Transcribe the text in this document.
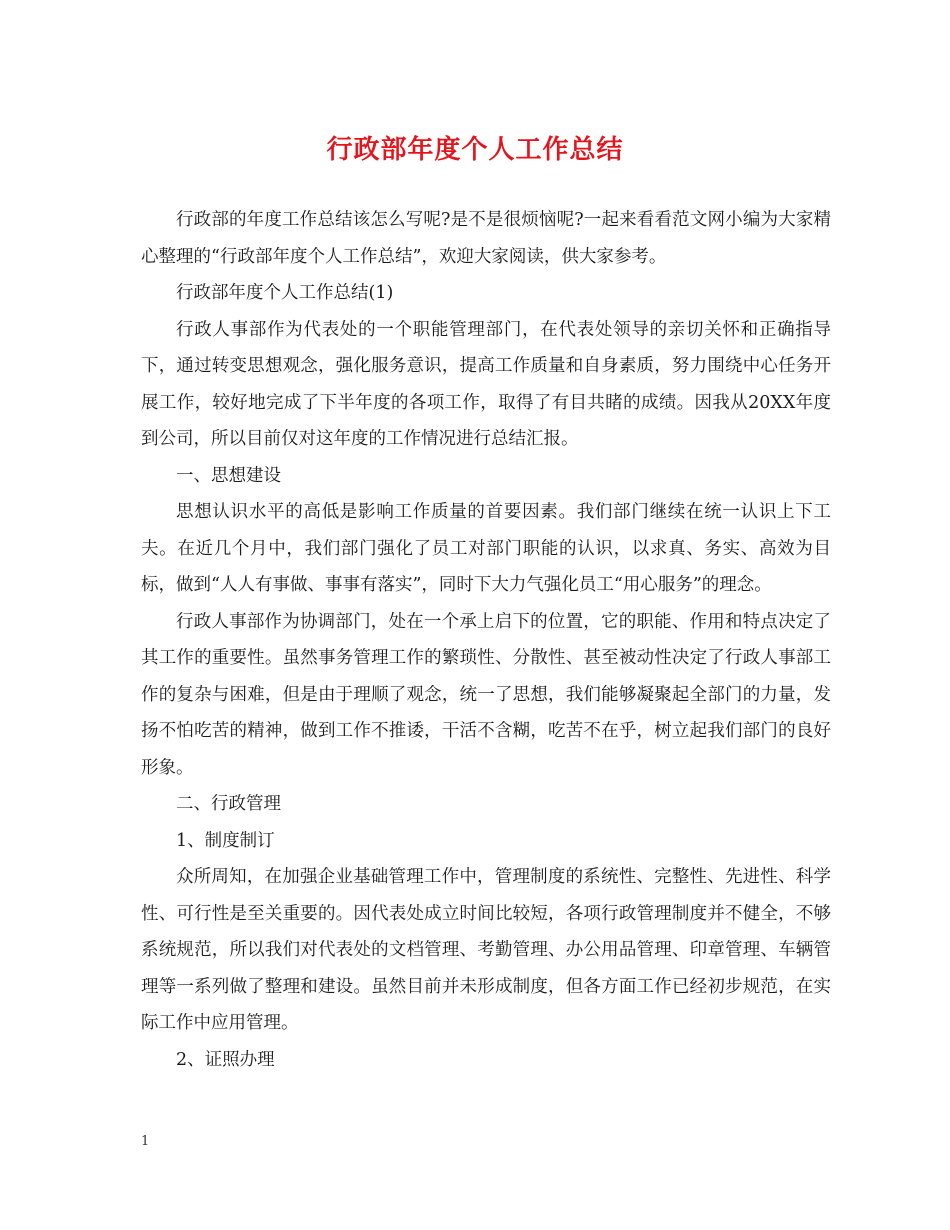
行政部年度个人工作总结

行政部的年度工作总结该怎么写呢?是不是很烦恼呢?一起来看看范文网小编为大家精心整理的“行政部年度个人工作总结”，欢迎大家阅读，供大家参考。

行政部年度个人工作总结(1)

行政人事部作为代表处的一个职能管理部门，在代表处领导的亲切关怀和正确指导下，通过转变思想观念，强化服务意识，提高工作质量和自身素质，努力围绕中心任务开展工作，较好地完成了下半年度的各项工作，取得了有目共睹的成绩。因我从20XX年度到公司，所以目前仅对这年度的工作情况进行总结汇报。

一、思想建设

思想认识水平的高低是影响工作质量的首要因素。我们部门继续在统一认识上下工夫。在近几个月中，我们部门强化了员工对部门职能的认识，以求真、务实、高效为目标，做到“人人有事做、事事有落实”，同时下大力气强化员工“用心服务”的理念。

行政人事部作为协调部门，处在一个承上启下的位置，它的职能、作用和特点决定了其工作的重要性。虽然事务管理工作的繁琐性、分散性、甚至被动性决定了行政人事部工作的复杂与困难，但是由于理顺了观念，统一了思想，我们能够凝聚起全部门的力量，发扬不怕吃苦的精神，做到工作不推诿，干活不含糊，吃苦不在乎，树立起我们部门的良好形象。

二、行政管理

1、制度制订

众所周知，在加强企业基础管理工作中，管理制度的系统性、完整性、先进性、科学性、可行性是至关重要的。因代表处成立时间比较短，各项行政管理制度并不健全，不够系统规范，所以我们对代表处的文档管理、考勤管理、办公用品管理、印章管理、车辆管理等一系列做了整理和建设。虽然目前并未形成制度，但各方面工作已经初步规范，在实际工作中应用管理。

2、证照办理

1
